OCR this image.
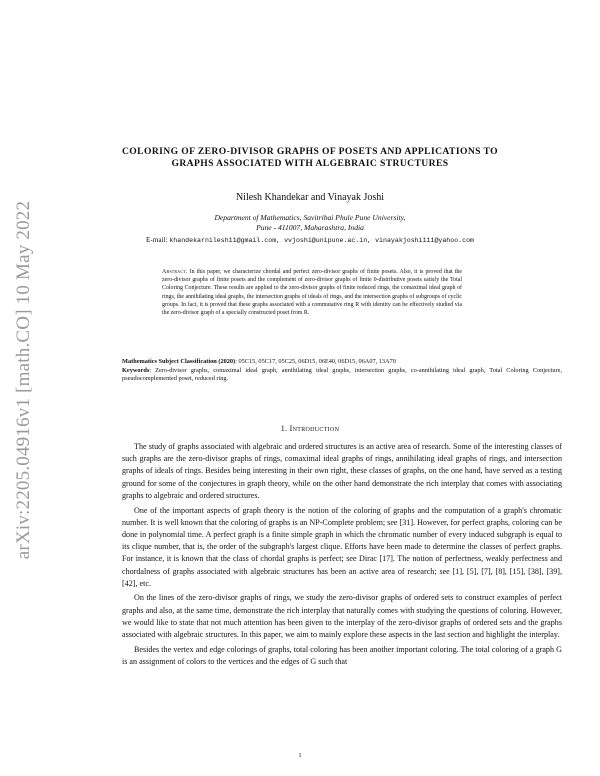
arXiv:2205.04916v1 [math.CO] 10 May 2022
COLORING OF ZERO-DIVISOR GRAPHS OF POSETS AND APPLICATIONS TO GRAPHS ASSOCIATED WITH ALGEBRAIC STRUCTURES
Nilesh Khandekar and Vinayak Joshi
Department of Mathematics, Savitribai Phule Pune University,
Pune - 411007, Maharashtra, India
E-mail: khandekarnilesh11@gmail.com, vvjoshi@unipune.ac.in, vinayakjoshi111@yahoo.com
Abstract. In this paper, we characterize chordal and perfect zero-divisor graphs of finite posets. Also, it is proved that the zero-divisor graphs of finite posets and the complement of zero-divisor graphs of finite 0-distributive posets satisfy the Total Coloring Conjecture. These results are applied to the zero-divisor graphs of finite reduced rings, the comaximal ideal graph of rings, the annihilating ideal graphs, the intersection graphs of ideals of rings, and the intersection graphs of subgroups of cyclic groups. In fact, it is proved that these graphs associated with a commutative ring R with identity can be effectively studied via the zero-divisor graph of a specially constructed poset from R.
Mathematics Subject Classification (2020): 05C15, 05C17, 05C25, 06D15, 06E40, 06D15, 06A07, 13A70
Keywords: Zero-divisor graphs, comaximal ideal graph, annihilating ideal graphs, intersection graphs, co-annihilating ideal graph, Total Coloring Conjecture, pseudocomplemented poset, reduced ring.
1. Introduction

The study of graphs associated with algebraic and ordered structures is an active area of research. Some of the interesting classes of such graphs are the zero-divisor graphs of rings, comaximal ideal graphs of rings, annihilating ideal graphs of rings, and intersection graphs of ideals of rings. Besides being interesting in their own right, these classes of graphs, on the one hand, have served as a testing ground for some of the conjectures in graph theory, while on the other hand demonstrate the rich interplay that comes with associating graphs to algebraic and ordered structures.

One of the important aspects of graph theory is the notion of the coloring of graphs and the computation of a graph's chromatic number. It is well known that the coloring of graphs is an NP-Complete problem; see [31]. However, for perfect graphs, coloring can be done in polynomial time. A perfect graph is a finite simple graph in which the chromatic number of every induced subgraph is equal to its clique number, that is, the order of the subgraph's largest clique. Efforts have been made to determine the classes of perfect graphs. For instance, it is known that the class of chordal graphs is perfect; see Dirac [17]. The notion of perfectness, weakly perfectness and chordalness of graphs associated with algebraic structures has been an active area of research; see [1], [5], [7], [8], [15], [38], [39], [42], etc.

On the lines of the zero-divisor graphs of rings, we study the zero-divisor graphs of ordered sets to construct examples of perfect graphs and also, at the same time, demonstrate the rich interplay that naturally comes with studying the questions of coloring. However, we would like to state that not much attention has been given to the interplay of the zero-divisor graphs of ordered sets and the graphs associated with algebraic structures. In this paper, we aim to mainly explore these aspects in the last section and highlight the interplay.

Besides the vertex and edge colorings of graphs, total coloring has been another important coloring. The total coloring of a graph G is an assignment of colors to the vertices and the edges of G such that

1
